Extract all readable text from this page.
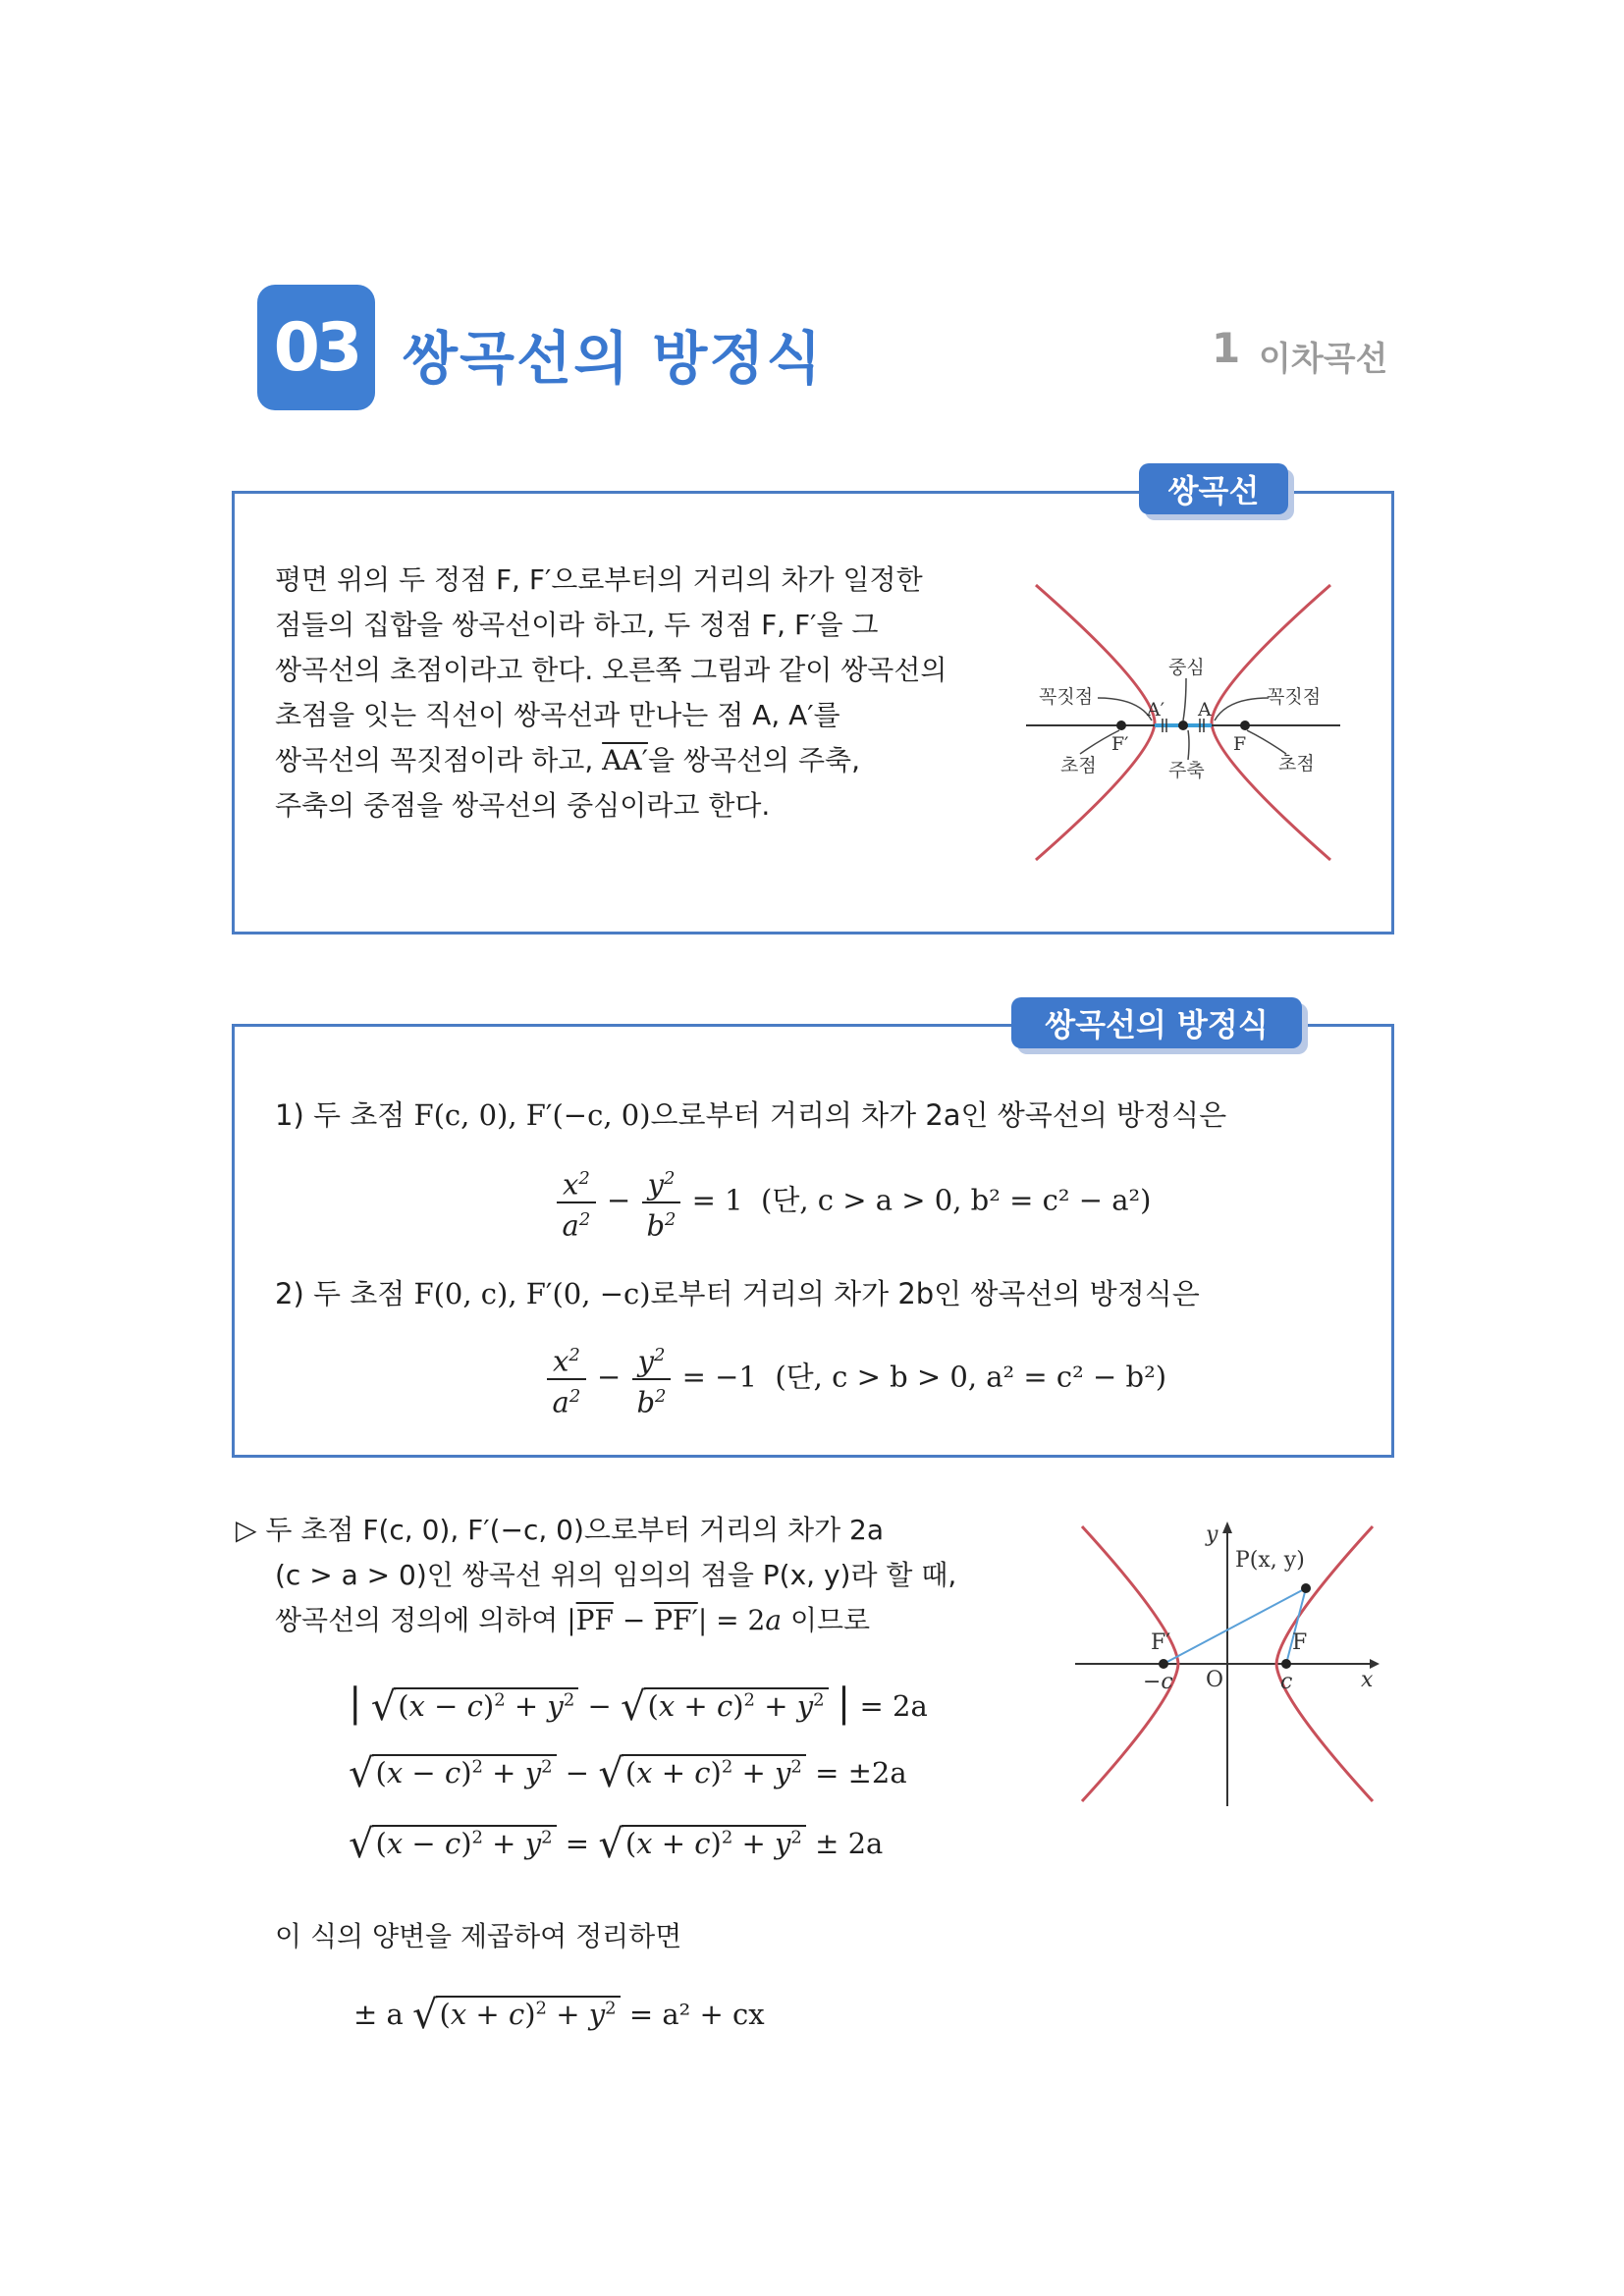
03 쌍곡선의 방정식	1 이차곡선
쌍곡선
평면 위의 두 정점 F, F′으로부터의 거리의 차가 일정한
점들의 집합을 쌍곡선이라 하고, 두 정점 F, F′을 그
쌍곡선의 초점이라고 한다. 오른쪽 그림과 같이 쌍곡선의
초점을 잇는 직선이 쌍곡선과 만나는 점 A, A′를
쌍곡선의 꼭짓점이라 하고, AA′을 쌍곡선의 주축,
주축의 중점을 쌍곡선의 중심이라고 한다.
꼭짓점	꼭짓점
중심
초점	초점
주축
A′ A
F′	F
쌍곡선의 방정식
1) 두 초점 F(c, 0), F′(−c, 0)으로부터 거리의 차가 2a인 쌍곡선의 방정식은
$\frac{x^2}{a^2} - \frac{y^2}{b^2} = 1$ (단, c > a > 0, b² = c² − a²)
2) 두 초점 F(0, c), F′(0, −c)로부터 거리의 차가 2b인 쌍곡선의 방정식은
$\frac{x^2}{a^2} - \frac{y^2}{b^2} = -1$ (단, c > b > 0, a² = c² − b²)
▷ 두 초점 F(c, 0), F′(−c, 0)으로부터 거리의 차가 2a
(c > a > 0)인 쌍곡선 위의 임의의 점을 P(x, y)라 할 때,
쌍곡선의 정의에 의하여 $|\overline{PF} - PF'| = 2a$ 이므로
| $√(x - c)^2 + y^2 - √(x + c)^2 + y^2$ | = 2a
$√(x - c)^2 + y^2 - √(x + c)^2 + y^2 = \pm 2a$
$√(x - c)^2 + y^2 = √(x + c)^2 + y^2 \pm 2a$
이 식의 양변을 제곱하여 정리하면
± a $√(x + c)^2 + y^2 = a^2$ + cx
y
x
O
P(x, y)
F′	F
−c	c
